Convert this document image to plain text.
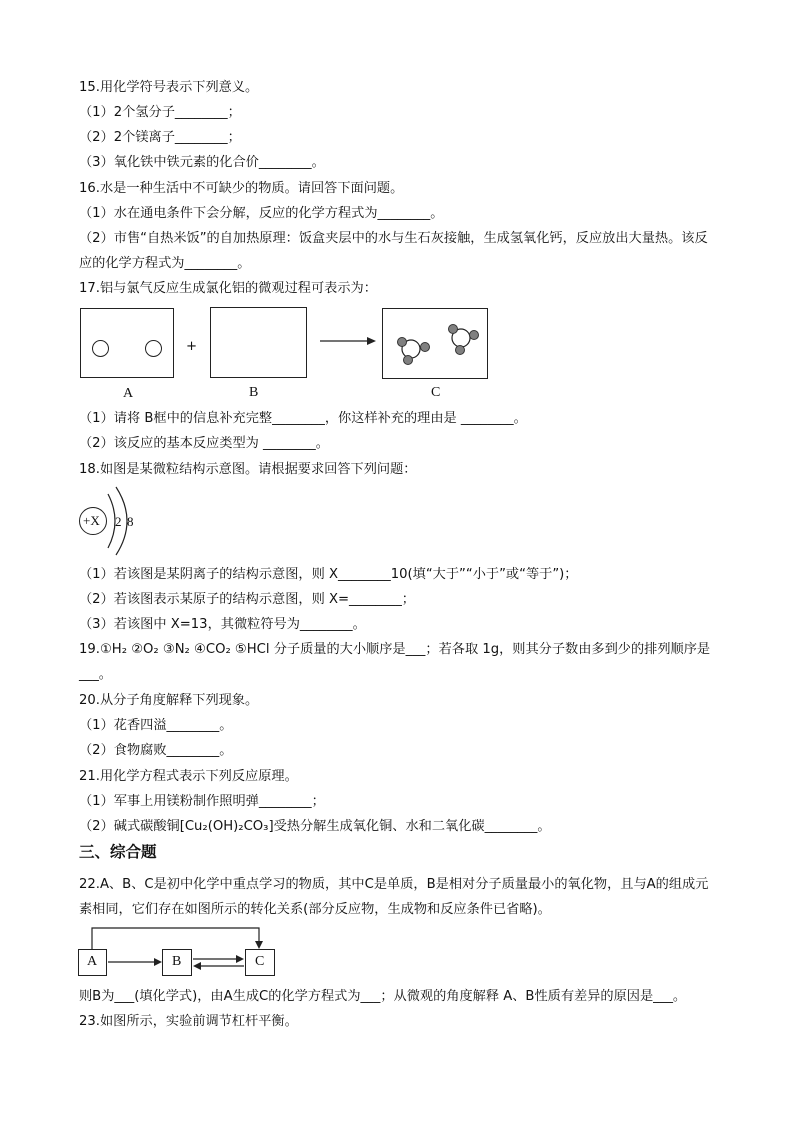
15.用化学符号表示下列意义。
（1）2个氢分子________；
（2）2个镁离子________；
（3）氧化铁中铁元素的化合价________。
16.水是一种生活中不可缺少的物质。请回答下面问题。
（1）水在通电条件下会分解，反应的化学方程式为________。
（2）市售“自热米饭”的自加热原理：饭盒夹层中的水与生石灰接触，生成氢氧化钙，反应放出大量热。该反应的化学方程式为________。
17.铝与氯气反应生成氯化铝的微观过程可表示为：
+
A	B	C
（1）请将 B框中的信息补充完整________，你这样补充的理由是 ________。
（2）该反应的基本反应类型为 ________。
18.如图是某微粒结构示意图。请根据要求回答下列问题：
+X 2 8
（1）若该图是某阴离子的结构示意图，则 X________10(填“大于”“小于”或“等于”)；
（2）若该图表示某原子的结构示意图，则 X=________；
（3）若该图中 X=13，其微粒符号为________。
19.①H₂ ②O₂ ③N₂ ④CO₂ ⑤HCl 分子质量的大小顺序是___；若各取 1g，则其分子数由多到少的排列顺序是___。
20.从分子角度解释下列现象。
（1）花香四溢________。
（2）食物腐败________。
21.用化学方程式表示下列反应原理。
（1）军事上用镁粉制作照明弹________；
（2）碱式碳酸铜[Cu₂(OH)₂CO₃]受热分解生成氧化铜、水和二氧化碳________。
三、综合题
22.A、B、C是初中化学中重点学习的物质，其中C是单质，B是相对分子质量最小的氧化物，且与A的组成元素相同，它们存在如图所示的转化关系(部分反应物，生成物和反应条件已省略)。
A	B	C
则B为___(填化学式)，由A生成C的化学方程式为___；从微观的角度解释 A、B性质有差异的原因是___。
23.如图所示，实验前调节杠杆平衡。
